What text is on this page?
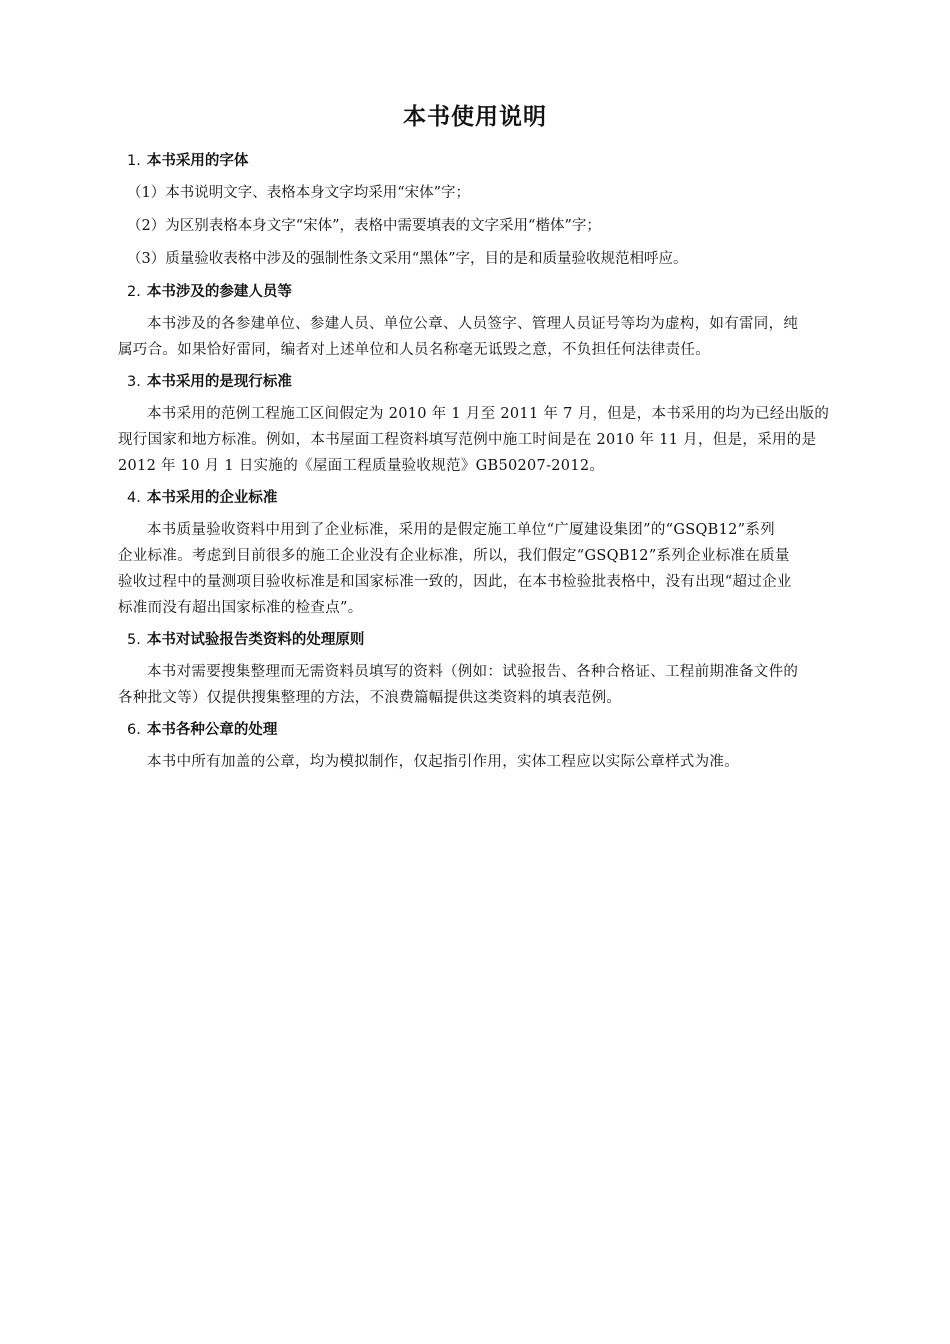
本书使用说明
1. 本书采用的字体
（1）本书说明文字、表格本身文字均采用“宋体”字；
（2）为区别表格本身文字“宋体”，表格中需要填表的文字采用“楷体”字；
（3）质量验收表格中涉及的强制性条文采用“黑体”字，目的是和质量验收规范相呼应。
2. 本书涉及的参建人员等

本书涉及的各参建单位、参建人员、单位公章、人员签字、管理人员证号等均为虚构，如有雷同，纯
属巧合。如果恰好雷同，编者对上述单位和人员名称毫无诋毁之意，不负担任何法律责任。

3. 本书采用的是现行标准

本书采用的范例工程施工区间假定为 2010 年 1 月至 2011 年 7 月，但是，本书采用的均为已经出版的
现行国家和地方标准。例如，本书屋面工程资料填写范例中施工时间是在 2010 年 11 月，但是，采用的是
2012 年 10 月 1 日实施的《屋面工程质量验收规范》GB50207-2012。

4. 本书采用的企业标准

本书质量验收资料中用到了企业标准，采用的是假定施工单位“广厦建设集团”的“GSQB12”系列
企业标准。考虑到目前很多的施工企业没有企业标准，所以，我们假定“GSQB12”系列企业标准在质量
验收过程中的量测项目验收标准是和国家标准一致的，因此，在本书检验批表格中，没有出现“超过企业
标准而没有超出国家标准的检查点”。

5. 本书对试验报告类资料的处理原则

本书对需要搜集整理而无需资料员填写的资料（例如：试验报告、各种合格证、工程前期准备文件的
各种批文等）仅提供搜集整理的方法，不浪费篇幅提供这类资料的填表范例。

6. 本书各种公章的处理

本书中所有加盖的公章，均为模拟制作，仅起指引作用，实体工程应以实际公章样式为准。
